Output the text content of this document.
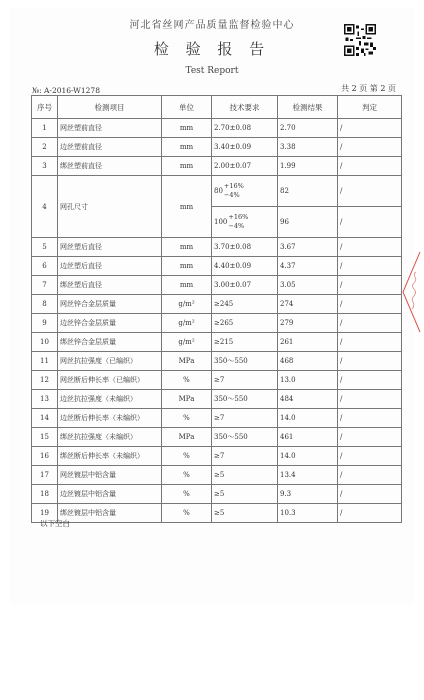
河北省丝网产品质量监督检验中心
检 验 报 告
Test Report
№: A-2016-W1278	共 2 页 第 2 页
序号	检测项目	单位	技术要求	检测结果	判定
1	网丝塑前直径	mm	2.70±0.08	2.70	/
2	边丝塑前直径	mm	3.40±0.09	3.38	/
3	绑丝塑前直径	mm	2.00±0.07	1.99	/
4	网孔尺寸	mm	80
+16%
−4%	82	/

			100
+16%
−4%	96	/
5	网丝塑后直径	mm	3.70±0.08	3.67	/
6	边丝塑后直径	mm	4.40±0.09	4.37	/
7	绑丝塑后直径	mm	3.00±0.07	3.05	/
8	网丝锌合金层质量	g/m²	≥245	274	/
9	边丝锌合金层质量	g/m²	≥265	279	/
10	绑丝锌合金层质量	g/m²	≥215	261	/
11	网丝抗拉强度（已编织）	MPa	350～550	468	/
12	网丝断后伸长率（已编织）	%	≥7	13.0	/
13	边丝抗拉强度（未编织）	MPa	350～550	484	/
14	边丝断后伸长率（未编织）	%	≥7	14.0	/
15	绑丝抗拉强度（未编织）	MPa	350～550	461	/
16	绑丝断后伸长率（未编织）	%	≥7	14.0	/
17	网丝镀层中铝含量	%	≥5	13.4	/
18	边丝镀层中铝含量	%	≥5	9.3	/
19	绑丝镀层中铝含量	%	≥5	10.3	/
以下空白
